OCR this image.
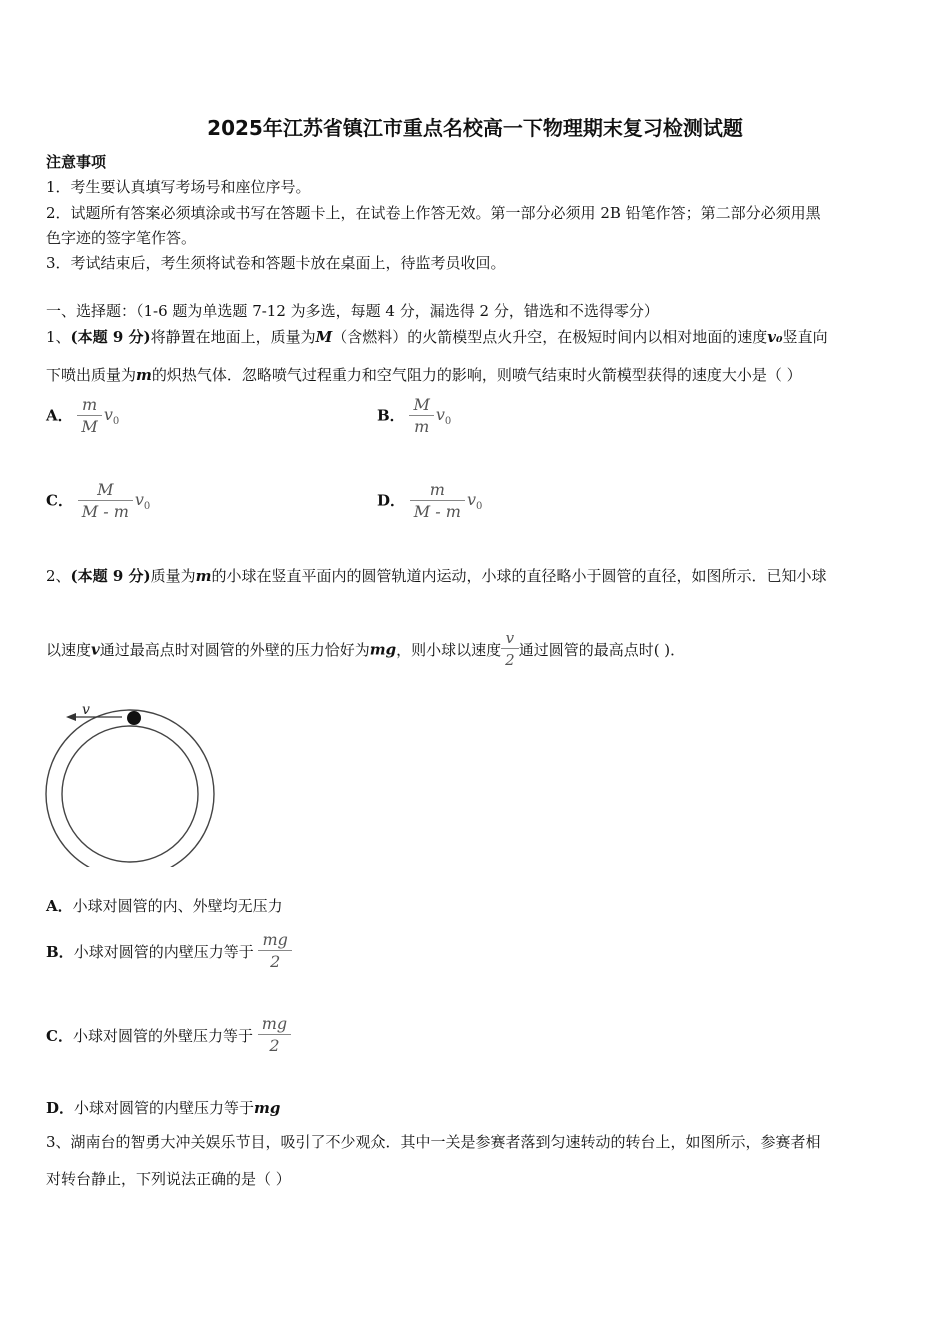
2025年江苏省镇江市重点名校高一下物理期末复习检测试题
注意事项
1．考生要认真填写考场号和座位序号。
2．试题所有答案必须填涂或书写在答题卡上，在试卷上作答无效。第一部分必须用 2B 铅笔作答；第二部分必须用黑
色字迹的签字笔作答。
3．考试结束后，考生须将试卷和答题卡放在桌面上，待监考员收回。
一、选择题：（1-6 题为单选题 7-12 为多选，每题 4 分，漏选得 2 分，错选和不选得零分）
1、(本题 9 分)将静置在地面上，质量为M（含燃料）的火箭模型点火升空，在极短时间内以相对地面的速度v₀竖直向
下喷出质量为m的炽热气体．忽略喷气过程重力和空气阻力的影响，则喷气结束时火箭模型获得的速度大小是（ ）
A． $\frac{m}{M} v_0$	B． $\frac{M}{m} v_0$
C． $\frac{M}{M - m} v_0$	D． $\frac{m}{M - m} v_0$
2、(本题 9 分)质量为m的小球在竖直平面内的圆管轨道内运动，小球的直径略小于圆管的直径，如图所示．已知小球
以速度v通过最高点时对圆管的外壁的压力恰好为mg，则小球以速度 $\frac{v}{2}$ 通过圆管的最高点时( )．
v
A．小球对圆管的内、外壁均无压力
B．小球对圆管的内壁压力等于 $\frac{mg}{2}$
C．小球对圆管的外壁压力等于 $\frac{mg}{2}$
D．小球对圆管的内壁压力等于mg
3、湖南台的智勇大冲关娱乐节目，吸引了不少观众．其中一关是参赛者落到匀速转动的转台上，如图所示，参赛者相
对转台静止，下列说法正确的是（ ）
